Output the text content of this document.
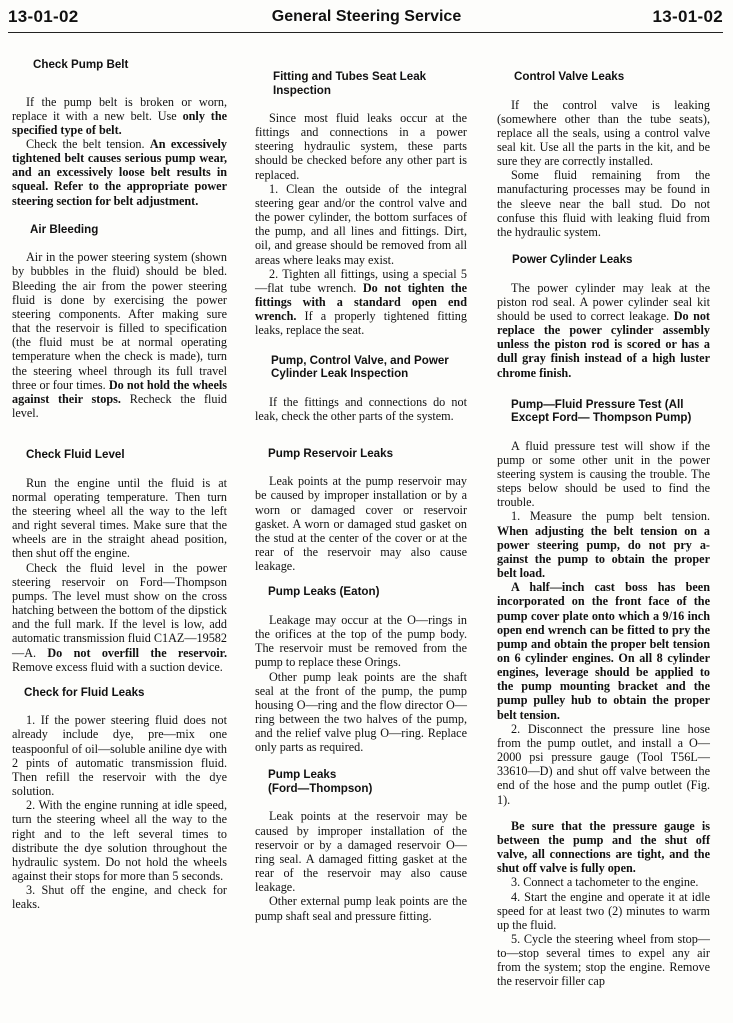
13-01-02	General Steering Service	13-01-02
Check Pump Belt

If the pump belt is broken or worn, replace it with a new belt. Use only the specified type of belt.

Check the belt tension. An excessively tightened belt causes serious pump wear, and an excessively loose belt results in squeal. Refer to the appropriate power steering section for belt adjustment.

Air Bleeding

Air in the power steering system (shown by bubbles in the fluid) should be bled. Bleeding the air from the power steering fluid is done by exercising the power steering components. After making sure that the reservoir is filled to specification (the fluid must be at normal operating temperature when the check is made), turn the steering wheel through its full travel three or four times. Do not hold the wheels against their stops. Recheck the fluid level.

Check Fluid Level

Run the engine until the fluid is at normal operating temperature. Then turn the steering wheel all the way to the left and right several times. Make sure that the wheels are in the straight ahead position, then shut off the engine.

Check the fluid level in the power steering reservoir on Ford—Thompson pumps. The level must show on the cross hatching between the bottom of the dipstick and the full mark. If the level is low, add automatic transmission fluid C1AZ—19582—A. Do not overfill the reservoir. Remove excess fluid with a suction device.

Check for Fluid Leaks

1. If the power steering fluid does not already include dye, pre—mix one teaspoonful of oil—soluble aniline dye with 2 pints of automatic transmission fluid. Then refill the reservoir with the dye solution.

2. With the engine running at idle speed, turn the steering wheel all the way to the right and to the left several times to distribute the dye solution throughout the hydraulic system. Do not hold the wheels against their stops for more than 5 seconds.

3. Shut off the engine, and check for leaks.

Fitting and Tubes Seat Leak Inspection

Since most fluid leaks occur at the fittings and connections in a power steering hydraulic system, these parts should be checked before any other part is replaced.

1. Clean the outside of the integral steering gear and/or the control valve and the power cylinder, the bottom surfaces of the pump, and all lines and fittings. Dirt, oil, and grease should be removed from all areas where leaks may exist.

2. Tighten all fittings, using a special 5—flat tube wrench. Do not tighten the fittings with a standard open end wrench. If a properly tightened fitting leaks, replace the seat.

Pump, Control Valve, and Power Cylinder Leak Inspection

If the fittings and connections do not leak, check the other parts of the system.

Pump Reservoir Leaks

Leak points at the pump reservoir may be caused by improper installation or by a worn or damaged cover or reservoir gasket. A worn or damaged stud gasket on the stud at the center of the cover or at the rear of the reservoir may also cause leakage.

Pump Leaks (Eaton)

Leakage may occur at the O—rings in the orifices at the top of the pump body. The reservoir must be removed from the pump to replace these Orings.

Other pump leak points are the shaft seal at the front of the pump, the pump housing O—ring and the flow director O—ring between the two halves of the pump, and the relief valve plug O—ring. Replace only parts as required.

Pump Leaks
(Ford—Thompson)

Leak points at the reservoir may be caused by improper installation of the reservoir or by a damaged reservoir O—ring seal. A damaged fitting gasket at the rear of the reservoir may also cause leakage.

Other external pump leak points are the pump shaft seal and pressure fitting.

Control Valve Leaks

If the control valve is leaking (somewhere other than the tube seats), replace all the seals, using a control valve seal kit. Use all the parts in the kit, and be sure they are correctly installed.

Some fluid remaining from the manufacturing processes may be found in the sleeve near the ball stud. Do not confuse this fluid with leaking fluid from the hydraulic system.

Power Cylinder Leaks

The power cylinder may leak at the piston rod seal. A power cylinder seal kit should be used to correct leakage. Do not replace the power cylinder assembly unless the piston rod is scored or has a dull gray finish instead of a high luster chrome finish.

Pump—Fluid Pressure Test (All Except Ford— Thompson Pump)

A fluid pressure test will show if the pump or some other unit in the power steering system is causing the trouble. The steps below should be used to find the trouble.

1. Measure the pump belt tension. When adjusting the belt tension on a power steering pump, do not pry a-gainst the pump to obtain the proper belt load.

A half—inch cast boss has been incorporated on the front face of the pump cover plate onto which a 9/16 inch open end wrench can be fitted to pry the pump and obtain the proper belt tension on 6 cylinder engines. On all 8 cylinder engines, leverage should be applied to the pump mounting bracket and the pump pulley hub to obtain the proper belt tension.

2. Disconnect the pressure line hose from the pump outlet, and install a O—2000 psi pressure gauge (Tool T56L—33610—D) and shut off valve between the end of the hose and the pump outlet (Fig. 1).

Be sure that the pressure gauge is between the pump and the shut off valve, all connections are tight, and the shut off valve is fully open.

3. Connect a tachometer to the engine.

4. Start the engine and operate it at idle speed for at least two (2) minutes to warm up the fluid.

5. Cycle the steering wheel from stop—to—stop several times to expel any air from the system; stop the engine. Remove the reservoir filler cap
